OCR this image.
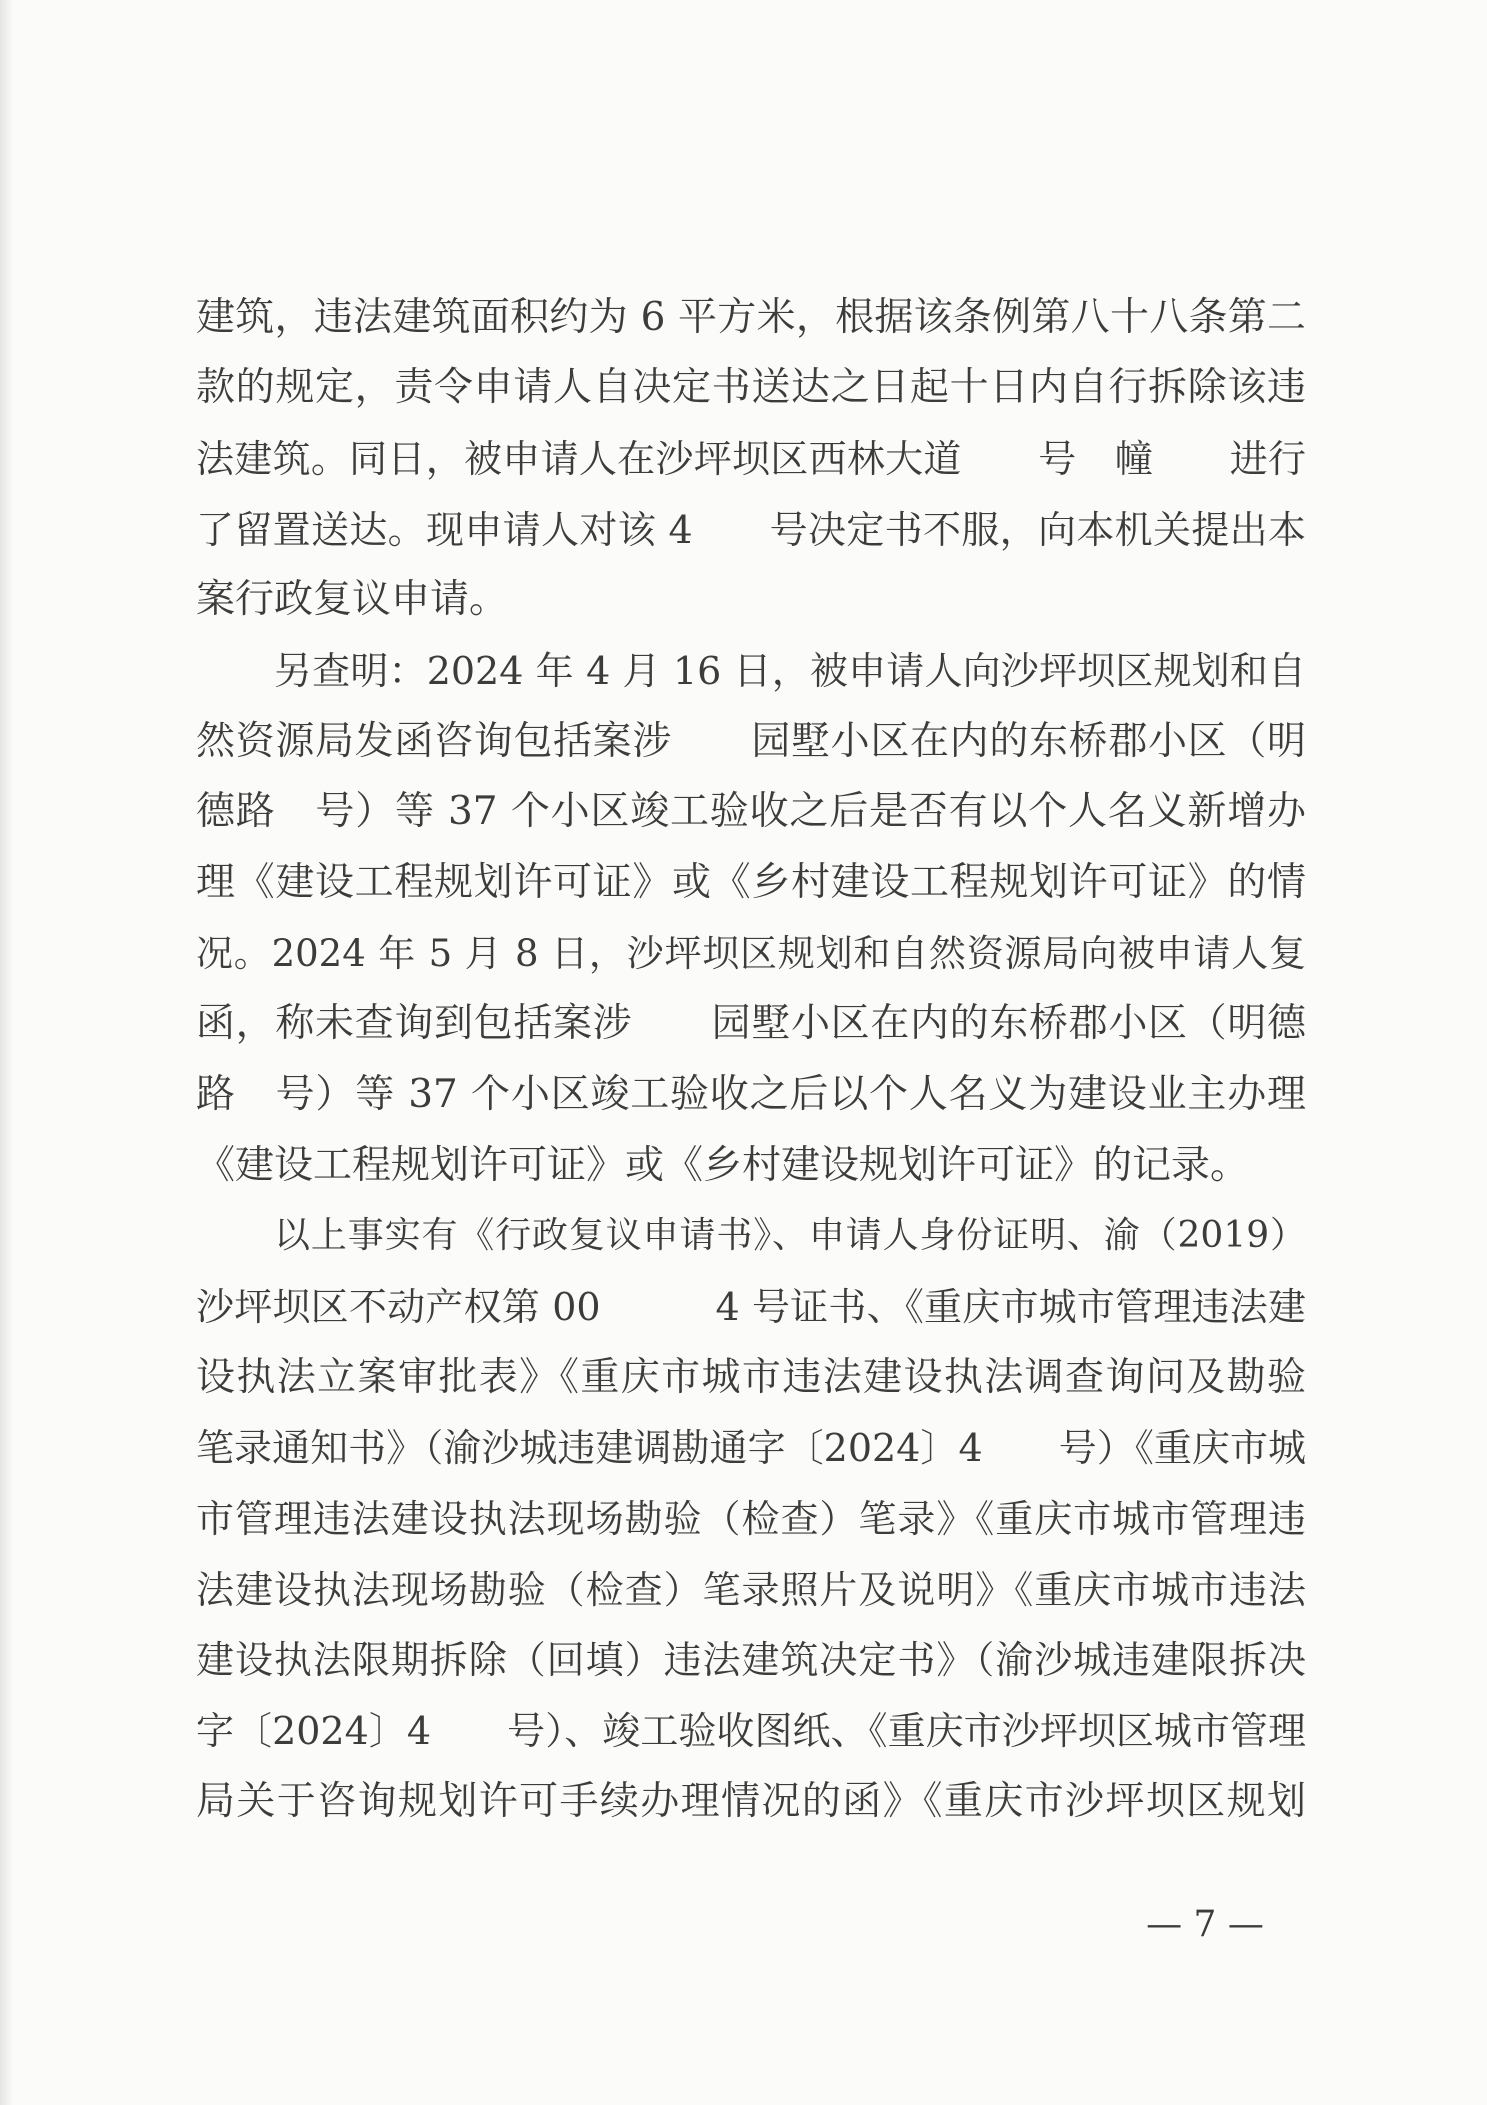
建筑，违法建筑面积约为 6 平方米，根据该条例第八十八条第二
款的规定，责令申请人自决定书送达之日起十日内自行拆除该违
法建筑。同日，被申请人在沙坪坝区西林大道　　号　幢　　进行
了留置送达。现申请人对该 4　　号决定书不服，向本机关提出本
案行政复议申请。
另查明：2024 年 4 月 16 日，被申请人向沙坪坝区规划和自
然资源局发函咨询包括案涉　　园墅小区在内的东桥郡小区（明
德路　号）等 37 个小区竣工验收之后是否有以个人名义新增办
理《建设工程规划许可证》或《乡村建设工程规划许可证》的情
况。2024 年 5 月 8 日，沙坪坝区规划和自然资源局向被申请人复
函，称未查询到包括案涉　　园墅小区在内的东桥郡小区（明德
路　号）等 37 个小区竣工验收之后以个人名义为建设业主办理
《建设工程规划许可证》或《乡村建设规划许可证》的记录。
以上事实有《行政复议申请书》、申请人身份证明、渝（2019）
沙坪坝区不动产权第 00　　　4 号证书、《重庆市城市管理违法建
设执法立案审批表》《重庆市城市违法建设执法调查询问及勘验
笔录通知书》（渝沙城违建调勘通字〔2024〕4　　号）《重庆市城
市管理违法建设执法现场勘验（检查）笔录》《重庆市城市管理违
法建设执法现场勘验（检查）笔录照片及说明》《重庆市城市违法
建设执法限期拆除（回填）违法建筑决定书》（渝沙城违建限拆决
字〔2024〕4　　号）、竣工验收图纸、《重庆市沙坪坝区城市管理
局关于咨询规划许可手续办理情况的函》《重庆市沙坪坝区规划
— 7 —
